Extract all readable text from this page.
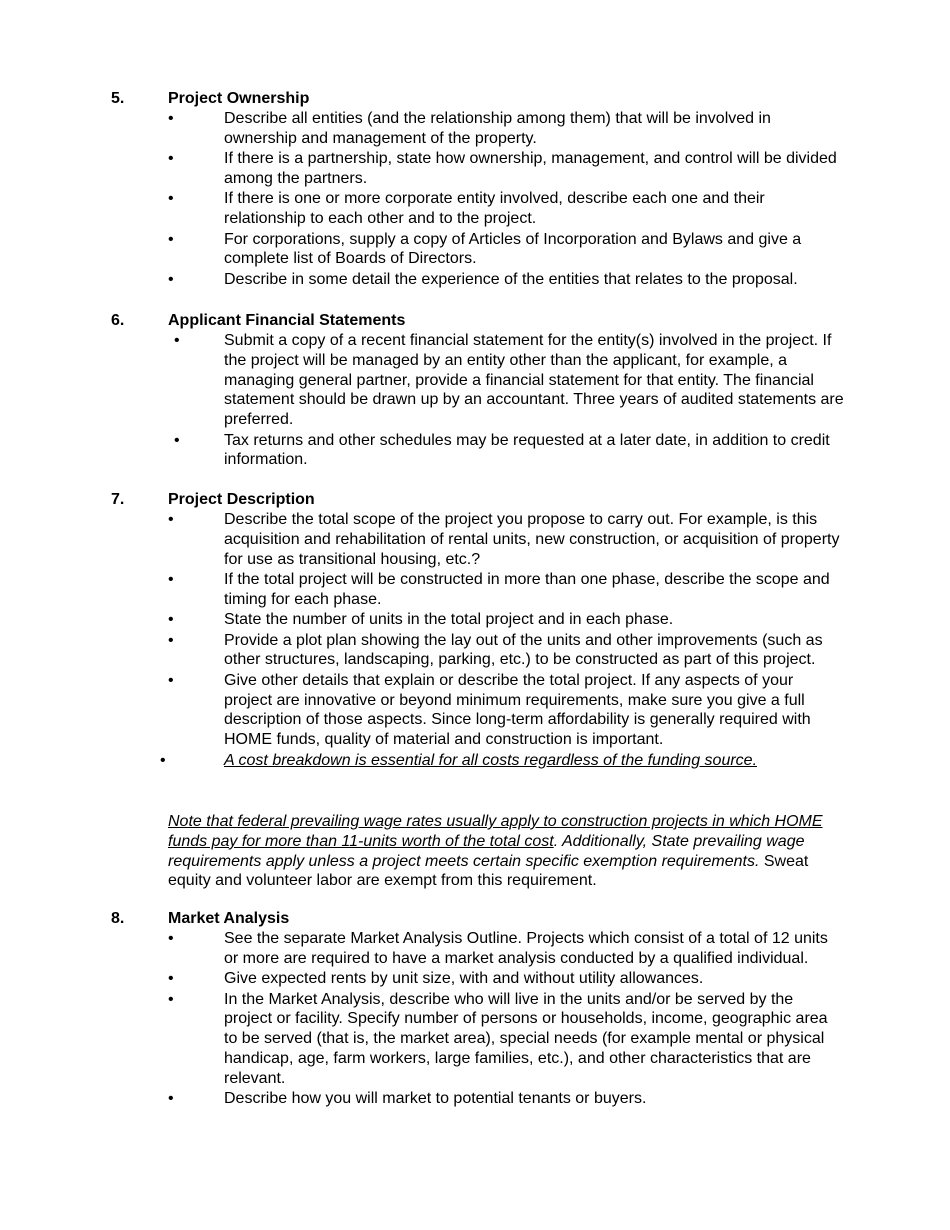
5.	Project Ownership
•	Describe all entities (and the relationship among them) that will be involved in ownership and management of the property.
•	If there is a partnership, state how ownership, management, and control will be divided among the partners.
•	If there is one or more corporate entity involved, describe each one and their relationship to each other and to the project.
•	For corporations, supply a copy of Articles of Incorporation and Bylaws and give a complete list of Boards of Directors.
•	Describe in some detail the experience of the entities that relates to the proposal.
6.	Applicant Financial Statements
•	Submit a copy of a recent financial statement for the entity(s) involved in the project. If the project will be managed by an entity other than the applicant, for example, a managing general partner, provide a financial statement for that entity. The financial statement should be drawn up by an accountant. Three years of audited statements are preferred.
•	Tax returns and other schedules may be requested at a later date, in addition to credit information.
7.	Project Description
•	Describe the total scope of the project you propose to carry out. For example, is this acquisition and rehabilitation of rental units, new construction, or acquisition of property for use as transitional housing, etc.?
•	If the total project will be constructed in more than one phase, describe the scope and timing for each phase.
•	State the number of units in the total project and in each phase.
•	Provide a plot plan showing the lay out of the units and other improvements (such as other structures, landscaping, parking, etc.) to be constructed as part of this project.
•	Give other details that explain or describe the total project. If any aspects of your project are innovative or beyond minimum requirements, make sure you give a full description of those aspects. Since long-term affordability is generally required with HOME funds, quality of material and construction is important.
•	A cost breakdown is essential for all costs regardless of the funding source.
Note that federal prevailing wage rates usually apply to construction projects in which HOME funds pay for more than 11-units worth of the total cost. Additionally, State prevailing wage requirements apply unless a project meets certain specific exemption requirements. Sweat equity and volunteer labor are exempt from this requirement.
8.	Market Analysis
•	See the separate Market Analysis Outline. Projects which consist of a total of 12 units or more are required to have a market analysis conducted by a qualified individual.
•	Give expected rents by unit size, with and without utility allowances.
•	In the Market Analysis, describe who will live in the units and/or be served by the project or facility. Specify number of persons or households, income, geographic area to be served (that is, the market area), special needs (for example mental or physical handicap, age, farm workers, large families, etc.), and other characteristics that are relevant.
•	Describe how you will market to potential tenants or buyers.
